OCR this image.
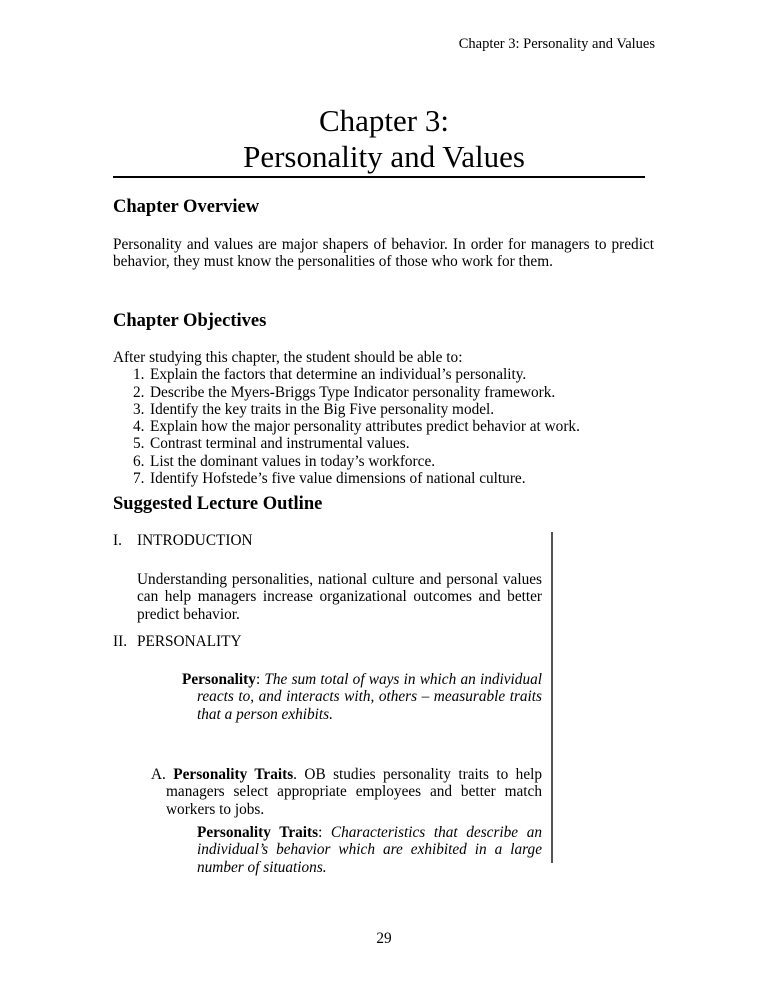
Chapter 3: Personality and Values
Chapter 3:
Personality and Values
Chapter Overview
Personality and values are major shapers of behavior. In order for managers to predict behavior, they must know the personalities of those who work for them.
Chapter Objectives
After studying this chapter, the student should be able to:
1. Explain the factors that determine an individual’s personality.
2. Describe the Myers-Briggs Type Indicator personality framework.
3. Identify the key traits in the Big Five personality model.
4. Explain how the major personality attributes predict behavior at work.
5. Contrast terminal and instrumental values.
6. List the dominant values in today’s workforce.
7. Identify Hofstede’s five value dimensions of national culture.
Suggested Lecture Outline
I. INTRODUCTION
Understanding personalities, national culture and personal values can help managers increase organizational outcomes and better predict behavior.
II. PERSONALITY
Personality: The sum total of ways in which an individual reacts to, and interacts with, others – measurable traits that a person exhibits.
A. Personality Traits. OB studies personality traits to help managers select appropriate employees and better match workers to jobs.
Personality Traits: Characteristics that describe an individual’s behavior which are exhibited in a large number of situations.
29
